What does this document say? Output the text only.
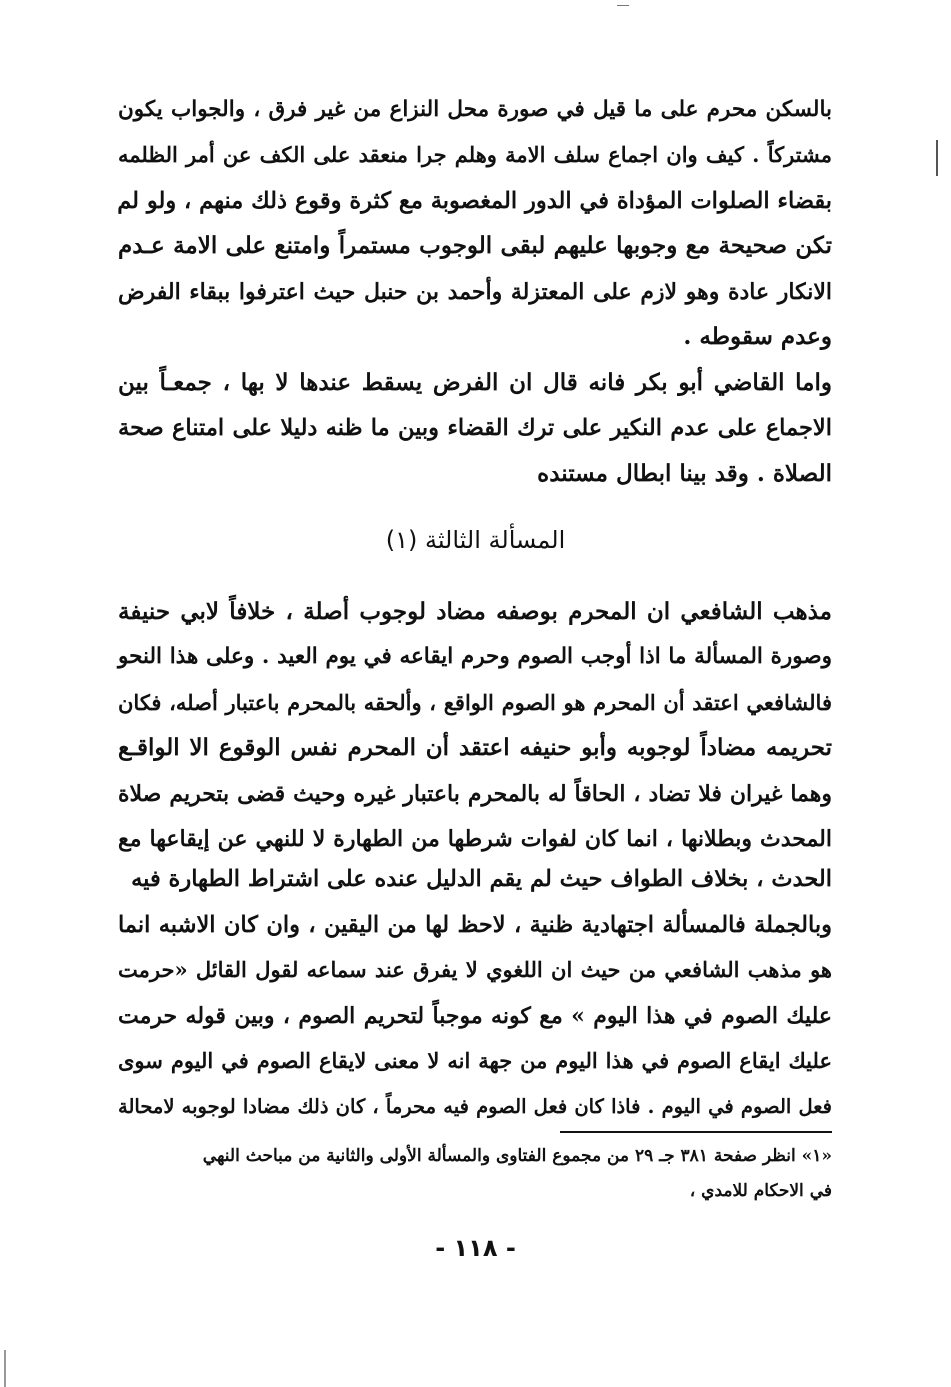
بالسكن محرم على ما قيل في صورة محل النزاع من غير فرق ، والجواب يكون
مشتركاً . كيف وان اجماع سلف الامة وهلم جرا منعقد على الكف عن أمر الظلمه
بقضاء الصلوات المؤداة في الدور المغصوبة مع كثرة وقوع ذلك منهم ، ولو لم
تكن صحيحة مع وجوبها عليهم لبقى الوجوب مستمراً وامتنع على الامة عـدم
الانكار عادة وهو لازم على المعتزلة وأحمد بن حنبل حيث اعترفوا ببقاء الفرض
وعدم سقوطه .
واما القاضي أبو بكر فانه قال ان الفرض يسقط عندها لا بها ، جمعـاً بين
الاجماع على عدم النكير على ترك القضاء وبين ما ظنه دليلا على امتناع صحة
الصلاة . وقد بينا ابطال مستنده
المسألة الثالثة (١)
مذهب الشافعي ان المحرم بوصفه مضاد لوجوب أصلة ، خلافاً لابي حنيفة
وصورة المسألة ما اذا أوجب الصوم وحرم ايقاعه في يوم العيد . وعلى هذا النحو
فالشافعي اعتقد أن المحرم هو الصوم الواقع ، وألحقه بالمحرم باعتبار أصله، فكان
تحريمه مضاداً لوجوبه وأبو حنيفه اعتقد أن المحرم نفس الوقوع الا الواقـع
وهما غيران فلا تضاد ، الحاقاً له بالمحرم باعتبار غيره وحيث قضى بتحريم صلاة
المحدث وبطلانها ، انما كان لفوات شرطها من الطهارة لا للنهي عن إيقاعها مع
الحدث ، بخلاف الطواف حيث لم يقم الدليل عنده على اشتراط الطهارة فيه
وبالجملة فالمسألة اجتهادية ظنية ، لاحظ لها من اليقين ، وان كان الاشبه انما
هو مذهب الشافعي من حيث ان اللغوي لا يفرق عند سماعه لقول القائل «حرمت
عليك الصوم في هذا اليوم » مع كونه موجباً لتحريم الصوم ، وبين قوله حرمت
عليك ايقاع الصوم في هذا اليوم من جهة انه لا معنى لايقاع الصوم في اليوم سوى
فعل الصوم في اليوم . فاذا كان فعل الصوم فيه محرماً ، كان ذلك مضادا لوجوبه لامحالة
«١» انظر صفحة ٣٨١ جـ ٢٩ من مجموع الفتاوى والمسألة الأولى والثانية من مباحث النهي
في الاحكام للامدي ،
- ١١٨ -
